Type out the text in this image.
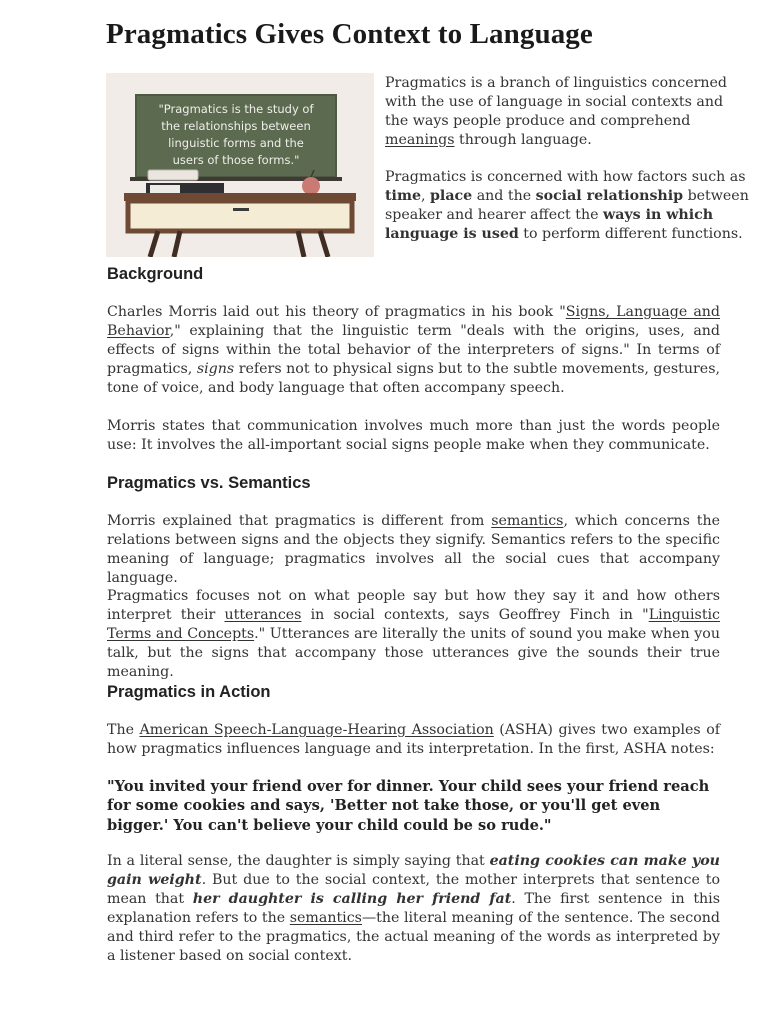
Pragmatics Gives Context to Language
"Pragmatics is the study of
the relationships between
linguistic forms and the
users of those forms."

Pragmatics is a branch of linguistics concerned with the use of language in social contexts and the ways people produce and comprehend meanings through language.

Pragmatics is concerned with how factors such as time, place and the social relationship between speaker and hearer affect the ways in which language is used to perform different functions.

Background

Charles Morris laid out his theory of pragmatics in his book "Signs, Language and Behavior," explaining that the linguistic term "deals with the origins, uses, and effects of signs within the total behavior of the interpreters of signs." In terms of pragmatics, signs refers not to physical signs but to the subtle movements, gestures, tone of voice, and body language that often accompany speech.

Morris states that communication involves much more than just the words people use: It involves the all-important social signs people make when they communicate.

Pragmatics vs. Semantics

Morris explained that pragmatics is different from semantics, which concerns the relations between signs and the objects they signify. Semantics refers to the specific meaning of language; pragmatics involves all the social cues that accompany language.

Pragmatics focuses not on what people say but how they say it and how others interpret their utterances in social contexts, says Geoffrey Finch in "Linguistic Terms and Concepts." Utterances are literally the units of sound you make when you talk, but the signs that accompany those utterances give the sounds their true meaning.

Pragmatics in Action

The American Speech-Language-Hearing Association (ASHA) gives two examples of how pragmatics influences language and its interpretation. In the first, ASHA notes:

"You invited your friend over for dinner. Your child sees your friend reach for some cookies and says, 'Better not take those, or you'll get even bigger.' You can't believe your child could be so rude."

In a literal sense, the daughter is simply saying that eating cookies can make you gain weight. But due to the social context, the mother interprets that sentence to mean that her daughter is calling her friend fat. The first sentence in this explanation refers to the semantics—the literal meaning of the sentence. The second and third refer to the pragmatics, the actual meaning of the words as interpreted by a listener based on social context.
